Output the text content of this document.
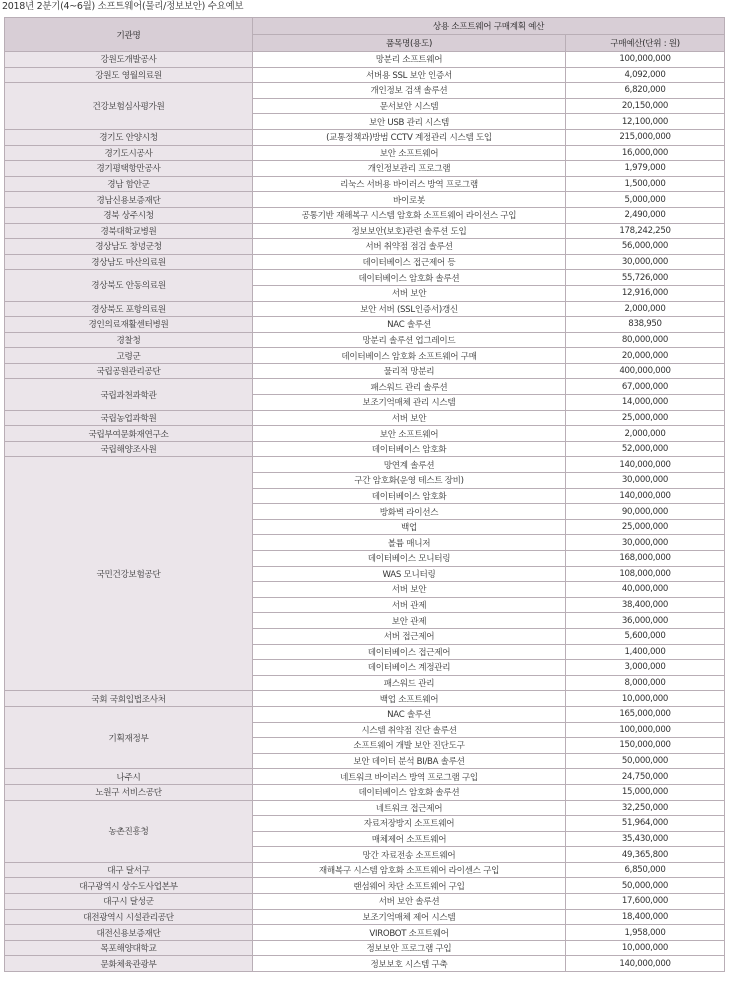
2018년 2분기(4~6월) 소프트웨어(물리/정보보안) 수요예보
기관명	상용 소프트웨어 구매계획 예산	
	품목명(용도)	구매예산(단위 : 원)
강원도개발공사	망분리 소프트웨어	100,000,000
강원도 영월의료원	서버용 SSL 보안 인증서	4,092,000
건강보험심사평가원	개인정보 검색 솔루션	6,820,000
	문서보안 시스템	20,150,000
	보안 USB 관리 시스템	12,100,000
경기도 안양시청	(교통정책과)방범 CCTV 계정관리 시스템 도입	215,000,000
경기도시공사	보안 소프트웨어	16,000,000
경기평택항만공사	개인정보관리 프로그램	1,979,000
경남 함안군	리눅스 서버용 바이러스 방역 프로그램	1,500,000
경남신용보증재단	바이로봇	5,000,000
경북 상주시청	공통기반 재해복구 시스템 암호화 소프트웨어 라이선스 구입	2,490,000
경북대학교병원	정보보안(보호)관련 솔루션 도입	178,242,250
경상남도 창녕군청	서버 취약점 점검 솔루션	56,000,000
경상남도 마산의료원	데이터베이스 접근제어 등	30,000,000
경상북도 안동의료원	데이터베이스 암호화 솔루션	55,726,000
	서버 보안	12,916,000
경상북도 포항의료원	보안 서버 (SSL인증서)갱신	2,000,000
경인의료재활센터병원	NAC 솔루션	838,950
경찰청	망분리 솔루션 업그레이드	80,000,000
고령군	데이터베이스 암호화 소프트웨어 구매	20,000,000
국립공원관리공단	물리적 망분리	400,000,000
국립과천과학관	패스워드 관리 솔루션	67,000,000
	보조기억매체 관리 시스템	14,000,000
국립농업과학원	서버 보안	25,000,000
국립부여문화재연구소	보안 소프트웨어	2,000,000
국립해양조사원	데이터베이스 암호화	52,000,000
국민건강보험공단	망연계 솔루션	140,000,000
	구간 암호화(운영 테스트 장비)	30,000,000
	데이터베이스 암호화	140,000,000
	방화벽 라이선스	90,000,000
	백업	25,000,000
	볼륨 매니저	30,000,000
	데이터베이스 모니터링	168,000,000
	WAS 모니터링	108,000,000
	서버 보안	40,000,000
	서버 관제	38,400,000
	보안 관제	36,000,000
	서버 접근제어	5,600,000
	데이터베이스 접근제어	1,400,000
	데이터베이스 계정관리	3,000,000
	패스워드 관리	8,000,000
국회 국회입법조사처	백업 소프트웨어	10,000,000
기획재정부	NAC 솔루션	165,000,000
	시스템 취약점 진단 솔루션	100,000,000
	소프트웨어 개발 보안 진단도구	150,000,000
	보안 데이터 분석 BI/BA 솔루션	50,000,000
나주시	네트워크 바이러스 방역 프로그램 구입	24,750,000
노원구 서비스공단	데이터베이스 암호화 솔루션	15,000,000
농촌진흥청	네트워크 접근제어	32,250,000
	자료저장방지 소프트웨어	51,964,000
	매체제어 소프트웨어	35,430,000
	망간 자료전송 소프트웨어	49,365,800
대구 달서구	재해복구 시스템 암호화 소프트웨어 라이센스 구입	6,850,000
대구광역시 상수도사업본부	랜섬웨어 차단 소프트웨어 구입	50,000,000
대구시 달성군	서버 보안 솔루션	17,600,000
대전광역시 시설관리공단	보조기억매체 제어 시스템	18,400,000
대전신용보증재단	VIROBOT 소프트웨어	1,958,000
목포해양대학교	정보보안 프로그램 구입	10,000,000
문화체육관광부	정보보호 시스템 구축	140,000,000
